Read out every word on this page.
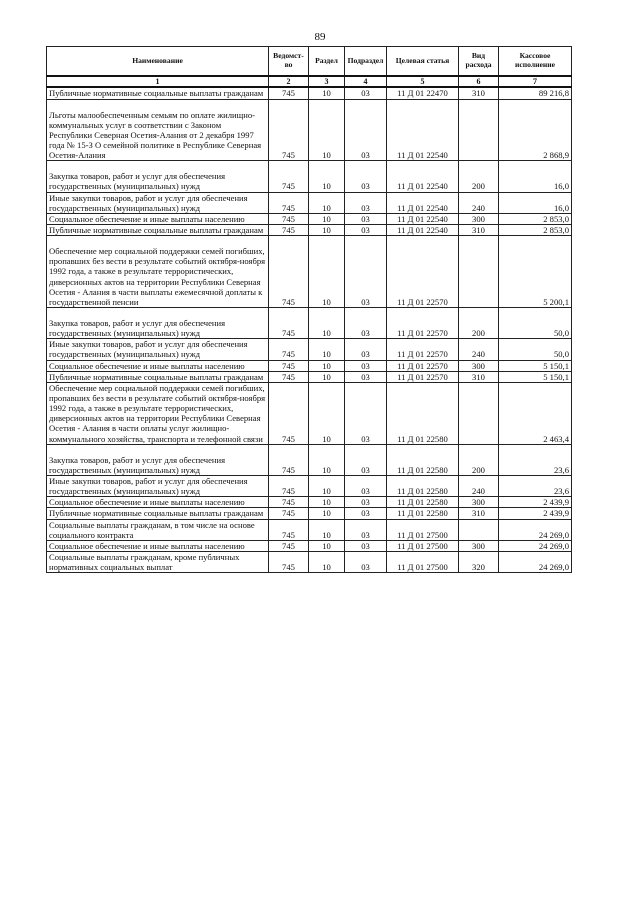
89
Наименование	Ведомст-во	Раздел	Подраздел	Целевая статья	Вид расхода	Кассовое исполнение
1	2	3	4	5	6	7
Публичные нормативные социальные выплаты гражданам	745	10	03	11 Д 01 22470	310	89 216,8
Льготы малообеспеченным семьям по оплате жилищно-коммунальных услуг в соответствии с Законом Республики Северная Осетия-Алания от 2 декабря 1997 года № 15-З О семейной политике в Республике Северная Осетия-Алания	745	10	03	11 Д 01 22540		2 868,9
Закупка товаров, работ и услуг для обеспечения государственных (муниципальных) нужд	745	10	03	11 Д 01 22540	200	16,0
Иные закупки товаров, работ и услуг для обеспечения государственных (муниципальных) нужд	745	10	03	11 Д 01 22540	240	16,0
Социальное обеспечение и иные выплаты населению	745	10	03	11 Д 01 22540	300	2 853,0
Публичные нормативные социальные выплаты гражданам	745	10	03	11 Д 01 22540	310	2 853,0
Обеспечение мер социальной поддержки семей погибших, пропавших без вести в результате событий октября-ноября 1992 года, а также в результате террористических, диверсионных актов на территории Республики Северная Осетия - Алания в части выплаты ежемесячной доплаты к государственной пенсии	745	10	03	11 Д 01 22570		5 200,1
Закупка товаров, работ и услуг для обеспечения государственных (муниципальных) нужд	745	10	03	11 Д 01 22570	200	50,0
Иные закупки товаров, работ и услуг для обеспечения государственных (муниципальных) нужд	745	10	03	11 Д 01 22570	240	50,0
Социальное обеспечение и иные выплаты населению	745	10	03	11 Д 01 22570	300	5 150,1
Публичные нормативные социальные выплаты гражданам	745	10	03	11 Д 01 22570	310	5 150,1
Обеспечение мер социальной поддержки семей погибших, пропавших без вести в результате событий октября-ноября 1992 года, а также в результате террористических, диверсионных актов на территории Республики Северная Осетия - Алания в части оплаты услуг жилищно-коммунального хозяйства, транспорта и телефонной связи	745	10	03	11 Д 01 22580		2 463,4
Закупка товаров, работ и услуг для обеспечения государственных (муниципальных) нужд	745	10	03	11 Д 01 22580	200	23,6
Иные закупки товаров, работ и услуг для обеспечения государственных (муниципальных) нужд	745	10	03	11 Д 01 22580	240	23,6
Социальное обеспечение и иные выплаты населению	745	10	03	11 Д 01 22580	300	2 439,9
Публичные нормативные социальные выплаты гражданам	745	10	03	11 Д 01 22580	310	2 439,9
Социальные выплаты гражданам, в том числе на основе социального контракта	745	10	03	11 Д 01 27500		24 269,0
Социальное обеспечение и иные выплаты населению	745	10	03	11 Д 01 27500	300	24 269,0
Социальные выплаты гражданам, кроме публичных нормативных социальных выплат	745	10	03	11 Д 01 27500	320	24 269,0
